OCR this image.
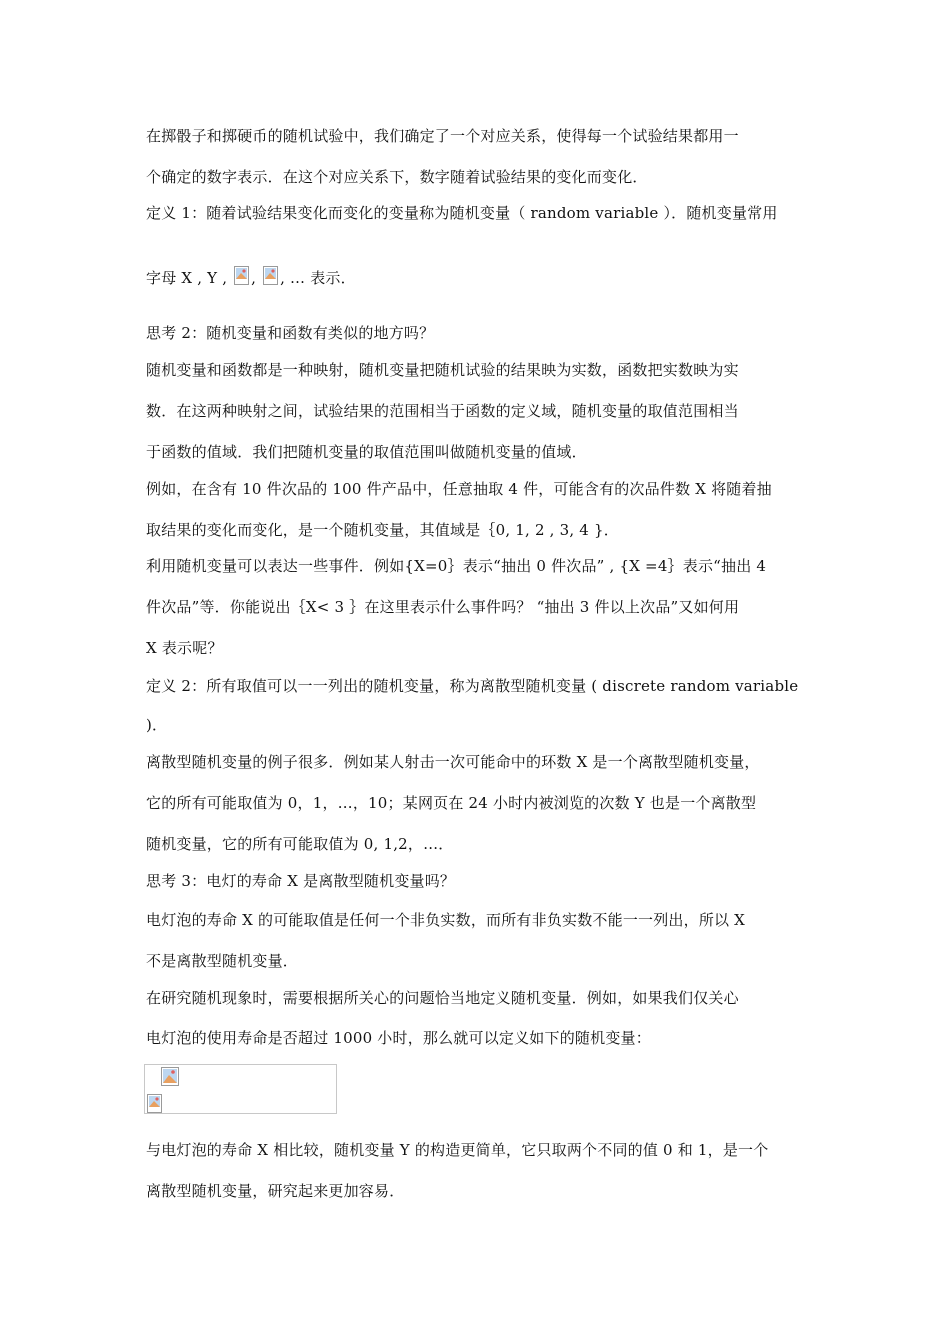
在掷骰子和掷硬币的随机试验中，我们确定了一个对应关系，使得每一个试验结果都用一
个确定的数字表示．在这个对应关系下，数字随着试验结果的变化而变化．
定义 1：随着试验结果变化而变化的变量称为随机变量（ random variable ）．随机变量常用
字母 X , Y , , , … 表示．
思考 2：随机变量和函数有类似的地方吗？
随机变量和函数都是一种映射，随机变量把随机试验的结果映为实数，函数把实数映为实
数．在这两种映射之间，试验结果的范围相当于函数的定义域，随机变量的取值范围相当
于函数的值域．我们把随机变量的取值范围叫做随机变量的值域．
例如，在含有 10 件次品的 100 件产品中，任意抽取 4 件，可能含有的次品件数 X 将随着抽
取结果的变化而变化，是一个随机变量，其值域是｛0, 1, 2 , 3, 4 }．
利用随机变量可以表达一些事件．例如{X=0｝表示“抽出 0 件次品” , {X =4｝表示“抽出 4
件次品”等．你能说出｛X< 3 ｝在这里表示什么事件吗？ “抽出 3 件以上次品”又如何用
X 表示呢？
定义 2：所有取值可以一一列出的随机变量，称为离散型随机变量 ( discrete random variable
)．
离散型随机变量的例子很多．例如某人射击一次可能命中的环数 X 是一个离散型随机变量，
它的所有可能取值为 0，1，…，10；某网页在 24 小时内被浏览的次数 Y 也是一个离散型
随机变量，它的所有可能取值为 0, 1,2，…．
思考 3：电灯的寿命 X 是离散型随机变量吗？
电灯泡的寿命 X 的可能取值是任何一个非负实数，而所有非负实数不能一一列出，所以 X
不是离散型随机变量．
在研究随机现象时，需要根据所关心的问题恰当地定义随机变量．例如，如果我们仅关心
电灯泡的使用寿命是否超过 1000 小时，那么就可以定义如下的随机变量：
与电灯泡的寿命 X 相比较，随机变量 Y 的构造更简单，它只取两个不同的值 0 和 1，是一个
离散型随机变量，研究起来更加容易．
